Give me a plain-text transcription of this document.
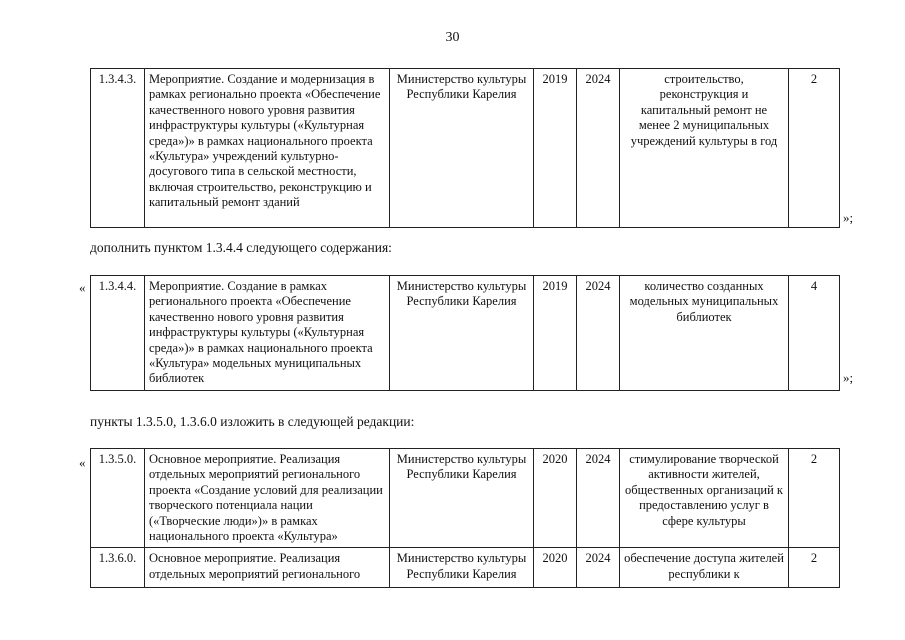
30
1.3.4.3.	Мероприятие. Создание и модернизация в рамках регионально проекта «Обеспечение качественного нового уровня развития инфраструктуры культуры («Культурная среда»)» в рамках национального проекта «Культура» учреждений культурно-досугового типа в сельской местности, включая строительство, реконструкцию и капитальный ремонт зданий	Министерство культуры Республики Карелия	2019	2024	строительство, реконструкция и капитальный ремонт не менее 2 муниципальных учреждений культуры в год	2
»;
дополнить пунктом 1.3.4.4 следующего содержания:
« 1.3.4.4.	Мероприятие. Создание в рамках регионального проекта «Обеспечение качественно нового уровня развития инфраструктуры культуры («Культурная среда»)» в рамках национального проекта «Культура» модельных муниципальных библиотек	Министерство культуры Республики Карелия	2019	2024	количество созданных модельных муниципальных библиотек	4
»;
пункты 1.3.5.0, 1.3.6.0 изложить в следующей редакции:
« 1.3.5.0.	Основное мероприятие. Реализация отдельных мероприятий регионального проекта «Создание условий для реализации творческого потенциала нации («Творческие люди»)» в рамках национального проекта «Культура»	Министерство культуры Республики Карелия	2020	2024	стимулирование творческой активности жителей, общественных организаций к предоставлению услуг в сфере культуры	2
1.3.6.0.	Основное мероприятие. Реализация отдельных мероприятий регионального	Министерство культуры Республики Карелия	2020	2024	обеспечение доступа жителей республики к	2
